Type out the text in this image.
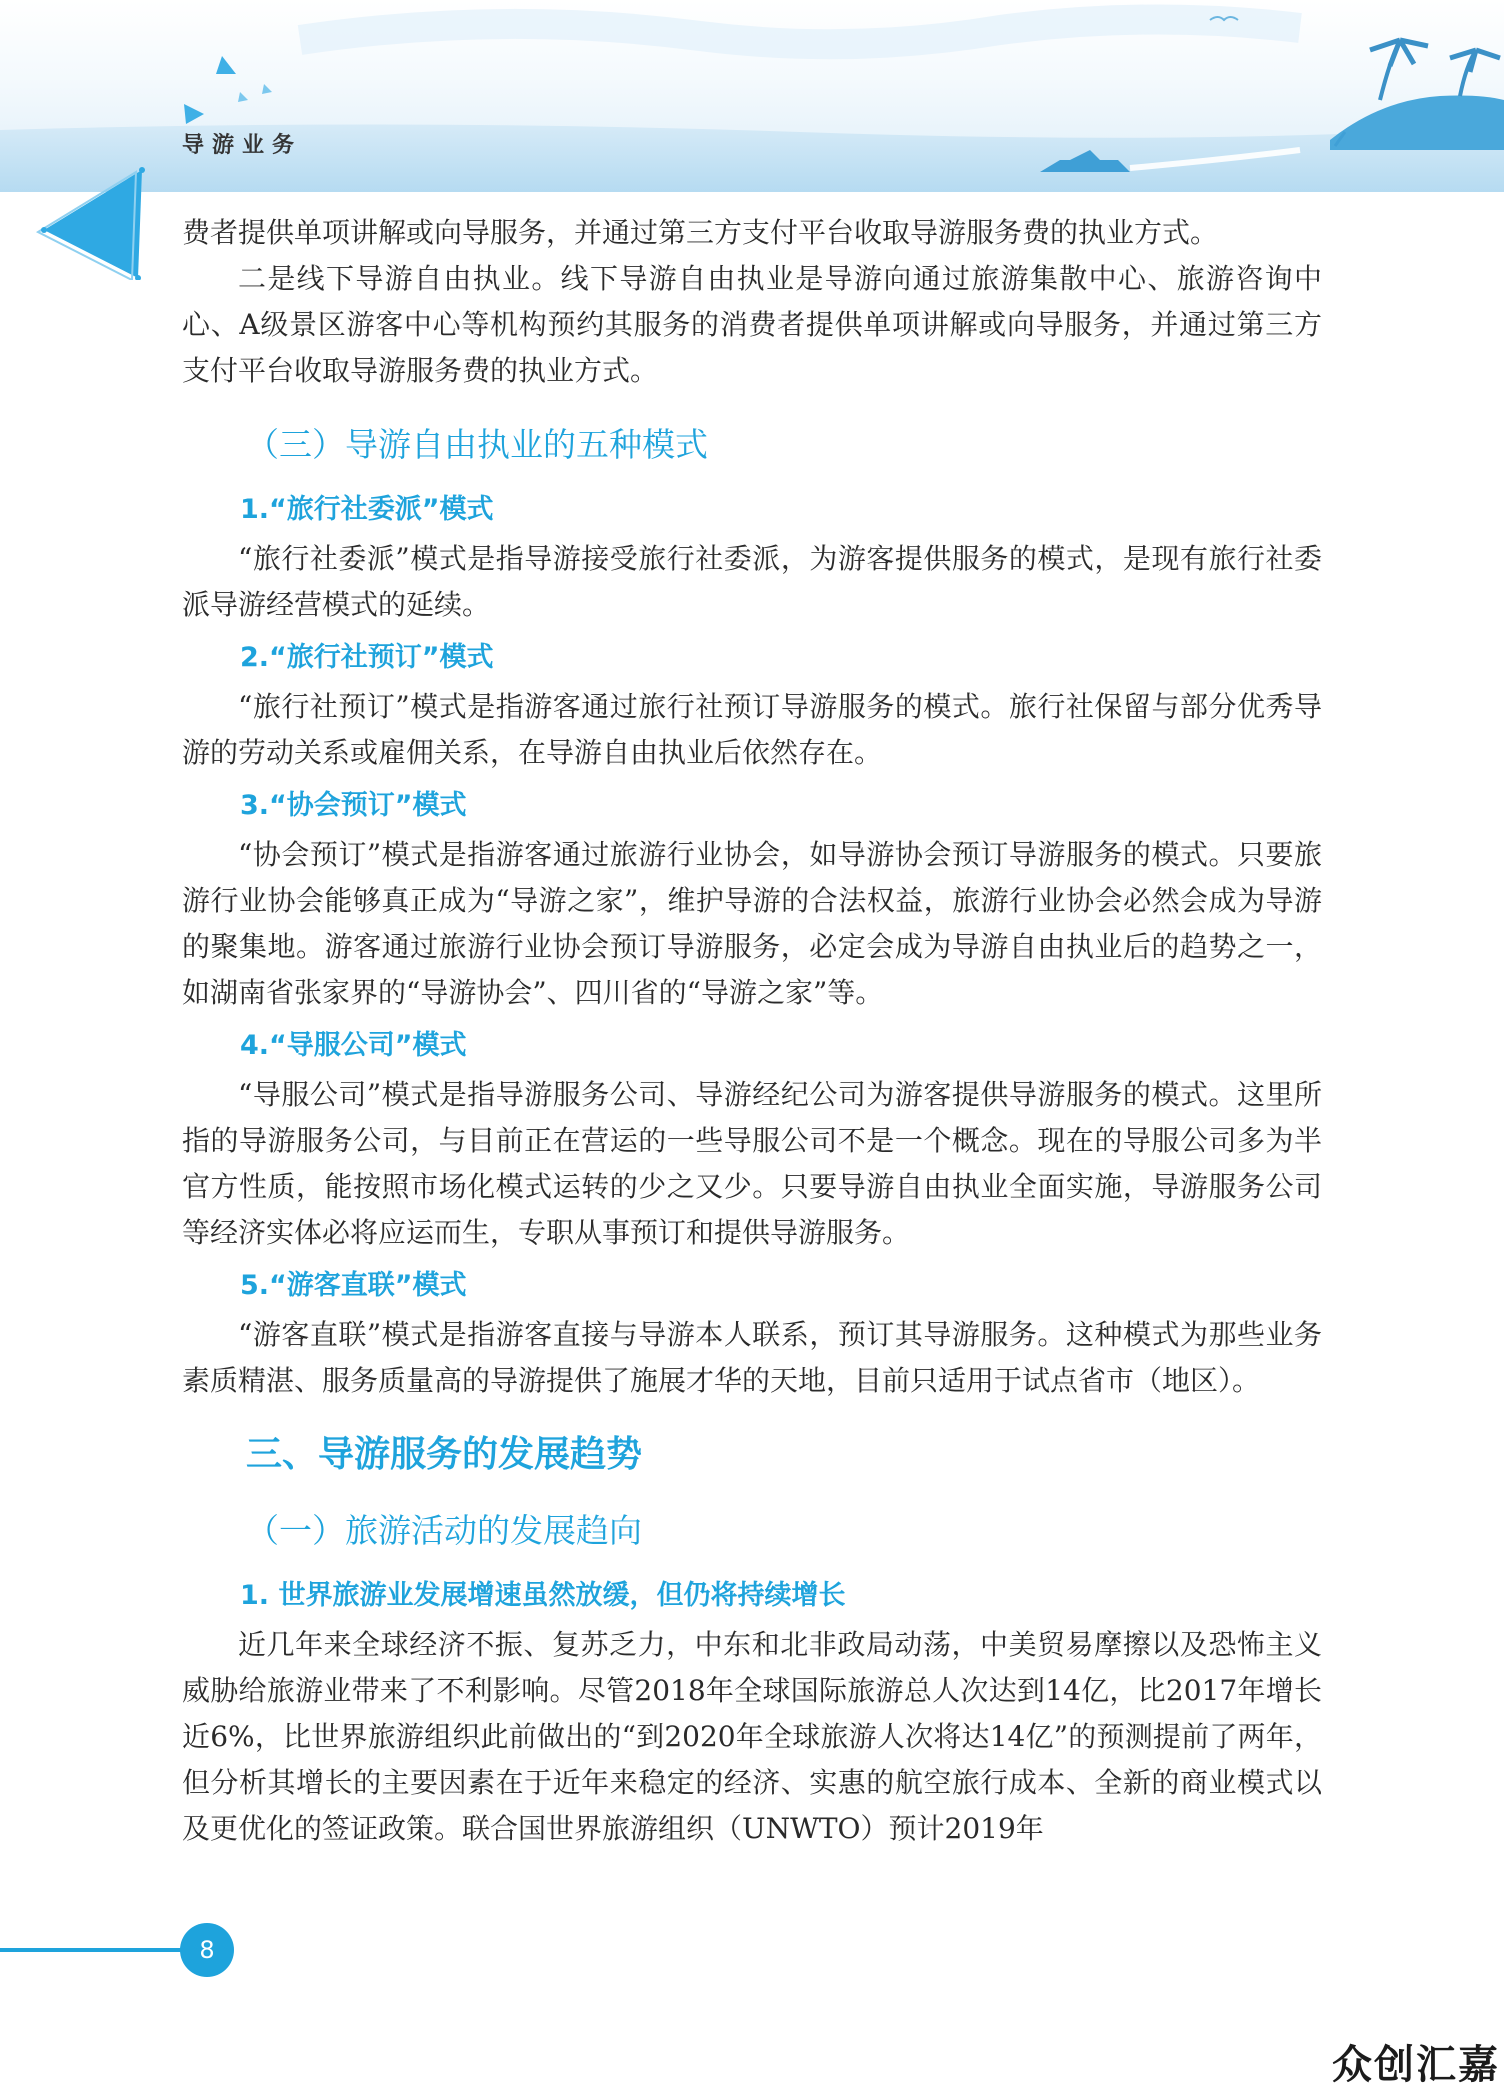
导游业务

费者提供单项讲解或向导服务，并通过第三方支付平台收取导游服务费的执业方式。

二是线下导游自由执业。线下导游自由执业是导游向通过旅游集散中心、旅游咨询中心、A级景区游客中心等机构预约其服务的消费者提供单项讲解或向导服务，并通过第三方支付平台收取导游服务费的执业方式。

（三）导游自由执业的五种模式
1.“旅行社委派”模式

“旅行社委派”模式是指导游接受旅行社委派，为游客提供服务的模式，是现有旅行社委派导游经营模式的延续。

2.“旅行社预订”模式

“旅行社预订”模式是指游客通过旅行社预订导游服务的模式。旅行社保留与部分优秀导游的劳动关系或雇佣关系，在导游自由执业后依然存在。

3.“协会预订”模式

“协会预订”模式是指游客通过旅游行业协会，如导游协会预订导游服务的模式。只要旅游行业协会能够真正成为“导游之家”，维护导游的合法权益，旅游行业协会必然会成为导游的聚集地。游客通过旅游行业协会预订导游服务，必定会成为导游自由执业后的趋势之一，如湖南省张家界的“导游协会”、四川省的“导游之家”等。

4.“导服公司”模式

“导服公司”模式是指导游服务公司、导游经纪公司为游客提供导游服务的模式。这里所指的导游服务公司，与目前正在营运的一些导服公司不是一个概念。现在的导服公司多为半官方性质，能按照市场化模式运转的少之又少。只要导游自由执业全面实施，导游服务公司等经济实体必将应运而生，专职从事预订和提供导游服务。

5.“游客直联”模式

“游客直联”模式是指游客直接与导游本人联系，预订其导游服务。这种模式为那些业务素质精湛、服务质量高的导游提供了施展才华的天地，目前只适用于试点省市（地区）。

三、导游服务的发展趋势
（一）旅游活动的发展趋向
1. 世界旅游业发展增速虽然放缓，但仍将持续增长

近几年来全球经济不振、复苏乏力，中东和北非政局动荡，中美贸易摩擦以及恐怖主义威胁给旅游业带来了不利影响。尽管2018年全球国际旅游总人次达到14亿，比2017年增长近6%，比世界旅游组织此前做出的“到2020年全球旅游人次将达14亿”的预测提前了两年，但分析其增长的主要因素在于近年来稳定的经济、实惠的航空旅行成本、全新的商业模式以及更优化的签证政策。联合国世界旅游组织（UNWTO）预计2019年

8
众创汇嘉
